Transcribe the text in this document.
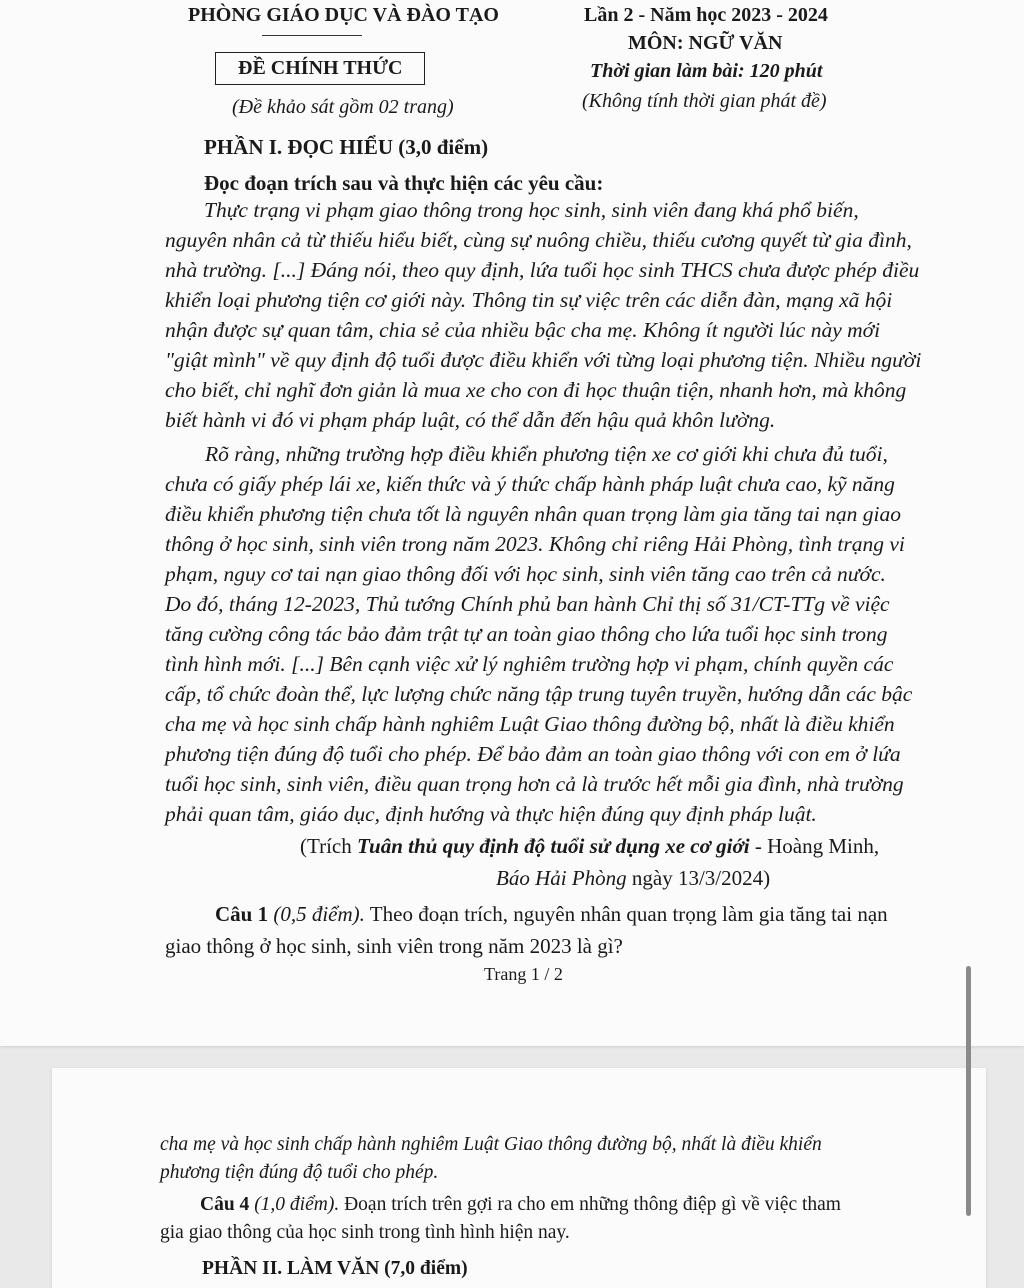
PHÒNG GIÁO DỤC VÀ ĐÀO TẠO	Lần 2 - Năm học 2023 - 2024
MÔN: NGỮ VĂN
ĐỀ CHÍNH THỨC	Thời gian làm bài: 120 phút
(Đề khảo sát gồm 02 trang)	(Không tính thời gian phát đề)
PHẦN I. ĐỌC HIỂU (3,0 điểm)
Đọc đoạn trích sau và thực hiện các yêu cầu:
Thực trạng vi phạm giao thông trong học sinh, sinh viên đang khá phổ biến,
nguyên nhân cả từ thiếu hiểu biết, cùng sự nuông chiều, thiếu cương quyết từ gia đình,
nhà trường. [...] Đáng nói, theo quy định, lứa tuổi học sinh THCS chưa được phép điều
khiển loại phương tiện cơ giới này. Thông tin sự việc trên các diễn đàn, mạng xã hội
nhận được sự quan tâm, chia sẻ của nhiều bậc cha mẹ. Không ít người lúc này mới
"giật mình" về quy định độ tuổi được điều khiển với từng loại phương tiện. Nhiều người
cho biết, chỉ nghĩ đơn giản là mua xe cho con đi học thuận tiện, nhanh hơn, mà không
biết hành vi đó vi phạm pháp luật, có thể dẫn đến hậu quả khôn lường.
Rõ ràng, những trường hợp điều khiển phương tiện xe cơ giới khi chưa đủ tuổi,
chưa có giấy phép lái xe, kiến thức và ý thức chấp hành pháp luật chưa cao, kỹ năng
điều khiển phương tiện chưa tốt là nguyên nhân quan trọng làm gia tăng tai nạn giao
thông ở học sinh, sinh viên trong năm 2023. Không chỉ riêng Hải Phòng, tình trạng vi
phạm, nguy cơ tai nạn giao thông đối với học sinh, sinh viên tăng cao trên cả nước.
Do đó, tháng 12-2023, Thủ tướng Chính phủ ban hành Chỉ thị số 31/CT-TTg về việc
tăng cường công tác bảo đảm trật tự an toàn giao thông cho lứa tuổi học sinh trong
tình hình mới. [...] Bên cạnh việc xử lý nghiêm trường hợp vi phạm, chính quyền các
cấp, tổ chức đoàn thể, lực lượng chức năng tập trung tuyên truyền, hướng dẫn các bậc
cha mẹ và học sinh chấp hành nghiêm Luật Giao thông đường bộ, nhất là điều khiển
phương tiện đúng độ tuổi cho phép. Để bảo đảm an toàn giao thông với con em ở lứa
tuổi học sinh, sinh viên, điều quan trọng hơn cả là trước hết mỗi gia đình, nhà trường
phải quan tâm, giáo dục, định hướng và thực hiện đúng quy định pháp luật.
(Trích Tuân thủ quy định độ tuổi sử dụng xe cơ giới - Hoàng Minh,
Báo Hải Phòng ngày 13/3/2024)
Câu 1 (0,5 điểm). Theo đoạn trích, nguyên nhân quan trọng làm gia tăng tai nạn
giao thông ở học sinh, sinh viên trong năm 2023 là gì?
Trang 1 / 2
cha mẹ và học sinh chấp hành nghiêm Luật Giao thông đường bộ, nhất là điều khiển
phương tiện đúng độ tuổi cho phép.
Câu 4 (1,0 điểm). Đoạn trích trên gợi ra cho em những thông điệp gì về việc tham
gia giao thông của học sinh trong tình hình hiện nay.
PHẦN II. LÀM VĂN (7,0 điểm)
